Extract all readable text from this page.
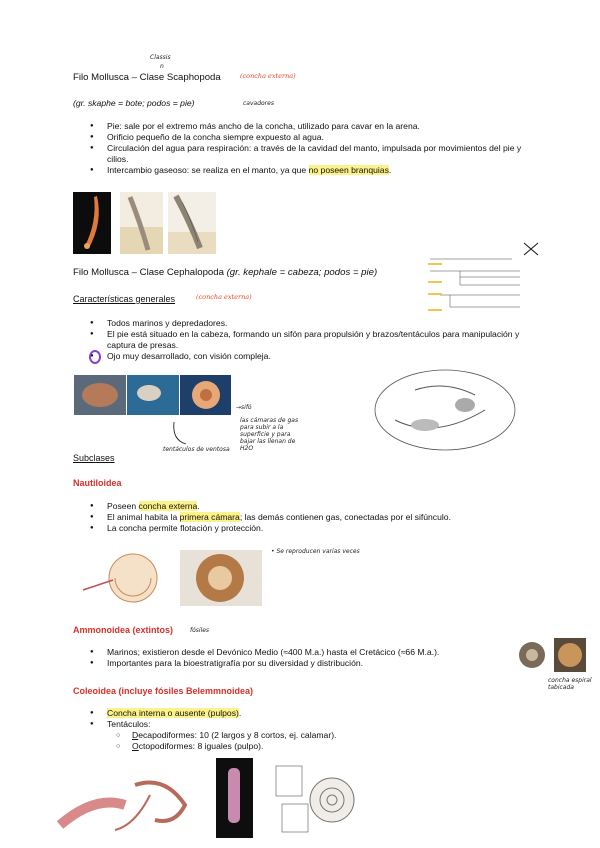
Classis
n
Filo Mollusca – Clase Scaphopoda	(concha externa)
(gr. skaphe = bote; podos = pie)	cavadores
● Pie: sale por el extremo más ancho de la concha, utilizado para cavar en la arena.
● Orificio pequeño de la concha siempre expuesto al agua.
● Circulación del agua para respiración: a través de la cavidad del manto, impulsada por movimientos del pie y cilios.
● Intercambio gaseoso: se realiza en el manto, ya que no poseen branquias.
Filo Mollusca – Clase Cephalopoda (gr. kephale = cabeza; podos = pie)
Características generales	(concha externa)
● Todos marinos y depredadores.
● El pie está situado en la cabeza, formando un sifón para propulsión y brazos/tentáculos para manipulación y captura de presas.
● Ojo muy desarrollado, con visión compleja.
→sifó
las cámaras de gas para subir a la superficie y para bajar las llenan de H2O
tentáculos de ventosa
Subclases
Nautiloidea
● Poseen concha externa.
● El animal habita la primera cámara; las demás contienen gas, conectadas por el sifúnculo.
● La concha permite flotación y protección.
• Se reproducen varias veces
Ammonoidea (extintos)	fósiles
● Marinos; existieron desde el Devónico Medio (≈400 M.a.) hasta el Cretácico (≈66 M.a.).
● Importantes para la bioestratigrafía por su diversidad y distribución.
concha espiral tabicada
Coleoidea (incluye fósiles Belemmnoidea)
● Concha interna o ausente (pulpos).
● Tentáculos:
○ Decapodiformes: 10 (2 largos y 8 cortos, ej. calamar).
○ Octopodiformes: 8 iguales (pulpo).
